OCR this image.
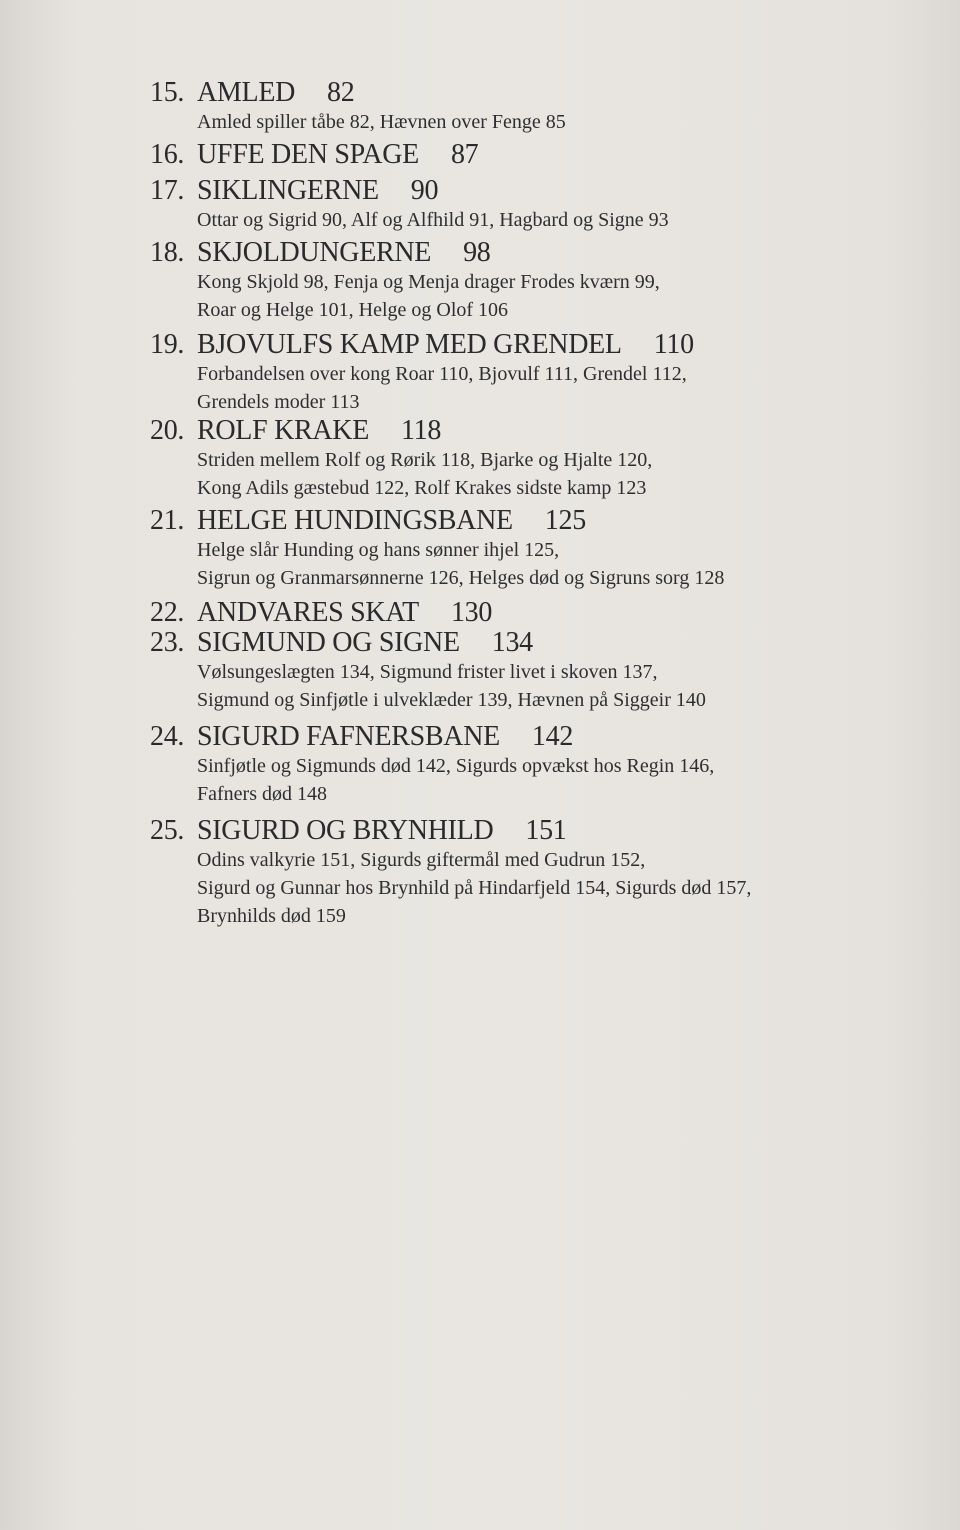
15. AMLED 82
Amled spiller tåbe 82, Hævnen over Fenge 85
16. UFFE DEN SPAGE 87
17. SIKLINGERNE 90
Ottar og Sigrid 90, Alf og Alfhild 91, Hagbard og Signe 93
18. SKJOLDUNGERNE 98
Kong Skjold 98, Fenja og Menja drager Frodes kværn 99,
Roar og Helge 101, Helge og Olof 106
19. BJOVULFS KAMP MED GRENDEL 110
Forbandelsen over kong Roar 110, Bjovulf 111, Grendel 112,
Grendels moder 113
20. ROLF KRAKE 118
Striden mellem Rolf og Rørik 118, Bjarke og Hjalte 120,
Kong Adils gæstebud 122, Rolf Krakes sidste kamp 123
21. HELGE HUNDINGSBANE 125
Helge slår Hunding og hans sønner ihjel 125,
Sigrun og Granmarsønnerne 126, Helges død og Sigruns sorg 128
22. ANDVARES SKAT 130
23. SIGMUND OG SIGNE 134
Vølsungeslægten 134, Sigmund frister livet i skoven 137,
Sigmund og Sinfjøtle i ulveklæder 139, Hævnen på Siggeir 140
24. SIGURD FAFNERSBANE 142
Sinfjøtle og Sigmunds død 142, Sigurds opvækst hos Regin 146,
Fafners død 148
25. SIGURD OG BRYNHILD 151
Odins valkyrie 151, Sigurds giftermål med Gudrun 152,
Sigurd og Gunnar hos Brynhild på Hindarfjeld 154, Sigurds død 157,
Brynhilds død 159
